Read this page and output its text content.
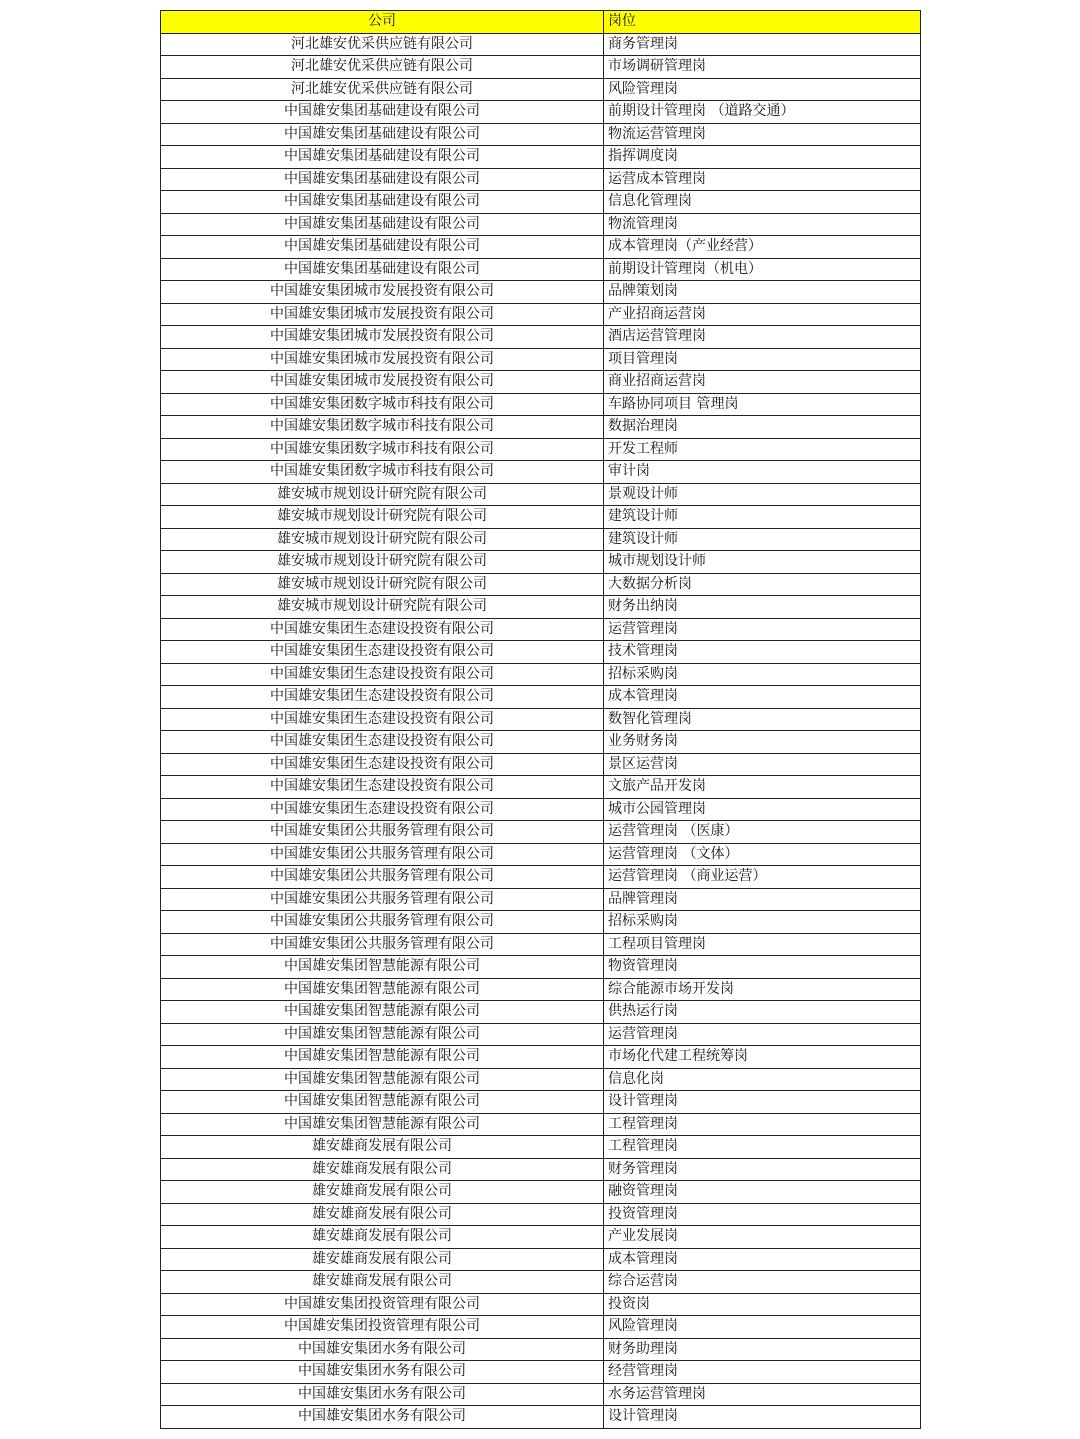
公司	岗位
河北雄安优采供应链有限公司	商务管理岗
河北雄安优采供应链有限公司	市场调研管理岗
河北雄安优采供应链有限公司	风险管理岗
中国雄安集团基础建设有限公司	前期设计管理岗 （道路交通）
中国雄安集团基础建设有限公司	物流运营管理岗
中国雄安集团基础建设有限公司	指挥调度岗
中国雄安集团基础建设有限公司	运营成本管理岗
中国雄安集团基础建设有限公司	信息化管理岗
中国雄安集团基础建设有限公司	物流管理岗
中国雄安集团基础建设有限公司	成本管理岗（产业经营）
中国雄安集团基础建设有限公司	前期设计管理岗（机电）
中国雄安集团城市发展投资有限公司	品牌策划岗
中国雄安集团城市发展投资有限公司	产业招商运营岗
中国雄安集团城市发展投资有限公司	酒店运营管理岗
中国雄安集团城市发展投资有限公司	项目管理岗
中国雄安集团城市发展投资有限公司	商业招商运营岗
中国雄安集团数字城市科技有限公司	车路协同项目 管理岗
中国雄安集团数字城市科技有限公司	数据治理岗
中国雄安集团数字城市科技有限公司	开发工程师
中国雄安集团数字城市科技有限公司	审计岗
雄安城市规划设计研究院有限公司	景观设计师
雄安城市规划设计研究院有限公司	建筑设计师
雄安城市规划设计研究院有限公司	建筑设计师
雄安城市规划设计研究院有限公司	城市规划设计师
雄安城市规划设计研究院有限公司	大数据分析岗
雄安城市规划设计研究院有限公司	财务出纳岗
中国雄安集团生态建设投资有限公司	运营管理岗
中国雄安集团生态建设投资有限公司	技术管理岗
中国雄安集团生态建设投资有限公司	招标采购岗
中国雄安集团生态建设投资有限公司	成本管理岗
中国雄安集团生态建设投资有限公司	数智化管理岗
中国雄安集团生态建设投资有限公司	业务财务岗
中国雄安集团生态建设投资有限公司	景区运营岗
中国雄安集团生态建设投资有限公司	文旅产品开发岗
中国雄安集团生态建设投资有限公司	城市公园管理岗
中国雄安集团公共服务管理有限公司	运营管理岗 （医康）
中国雄安集团公共服务管理有限公司	运营管理岗 （文体）
中国雄安集团公共服务管理有限公司	运营管理岗 （商业运营）
中国雄安集团公共服务管理有限公司	品牌管理岗
中国雄安集团公共服务管理有限公司	招标采购岗
中国雄安集团公共服务管理有限公司	工程项目管理岗
中国雄安集团智慧能源有限公司	物资管理岗
中国雄安集团智慧能源有限公司	综合能源市场开发岗
中国雄安集团智慧能源有限公司	供热运行岗
中国雄安集团智慧能源有限公司	运营管理岗
中国雄安集团智慧能源有限公司	市场化代建工程统筹岗
中国雄安集团智慧能源有限公司	信息化岗
中国雄安集团智慧能源有限公司	设计管理岗
中国雄安集团智慧能源有限公司	工程管理岗
雄安雄商发展有限公司	工程管理岗
雄安雄商发展有限公司	财务管理岗
雄安雄商发展有限公司	融资管理岗
雄安雄商发展有限公司	投资管理岗
雄安雄商发展有限公司	产业发展岗
雄安雄商发展有限公司	成本管理岗
雄安雄商发展有限公司	综合运营岗
中国雄安集团投资管理有限公司	投资岗
中国雄安集团投资管理有限公司	风险管理岗
中国雄安集团水务有限公司	财务助理岗
中国雄安集团水务有限公司	经营管理岗
中国雄安集团水务有限公司	水务运营管理岗
中国雄安集团水务有限公司	设计管理岗
